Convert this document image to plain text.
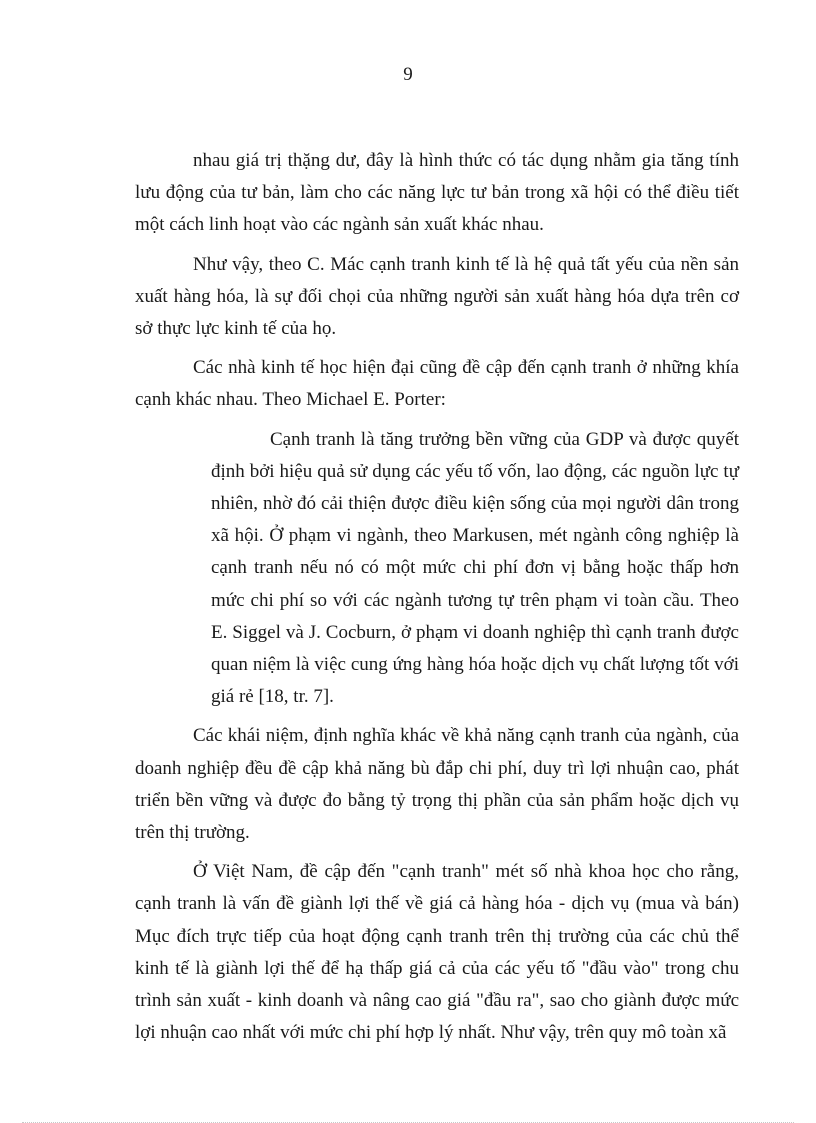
9

nhau giá trị thặng dư, đây là hình thức có tác dụng nhằm gia tăng tính lưu động của tư bản, làm cho các năng lực tư bản trong xã hội có thể điều tiết một cách linh hoạt vào các ngành sản xuất khác nhau.

Như vậy, theo C. Mác cạnh tranh kinh tế là hệ quả tất yếu của nền sản xuất hàng hóa, là sự đối chọi của những người sản xuất hàng hóa dựa trên cơ sở thực lực kinh tế của họ.

Các nhà kinh tế học hiện đại cũng đề cập đến cạnh tranh ở những khía cạnh khác nhau. Theo Michael E. Porter:

Cạnh tranh là tăng trưởng bền vững của GDP và được quyết định bởi hiệu quả sử dụng các yếu tố vốn, lao động, các nguồn lực tự nhiên, nhờ đó cải thiện được điều kiện sống của mọi người dân trong xã hội. Ở phạm vi ngành, theo Markusen, mét ngành công nghiệp là cạnh tranh nếu nó có một mức chi phí đơn vị bằng hoặc thấp hơn mức chi phí so với các ngành tương tự trên phạm vi toàn cầu. Theo E. Siggel và J. Cocburn, ở phạm vi doanh nghiệp thì cạnh tranh được quan niệm là việc cung ứng hàng hóa hoặc dịch vụ chất lượng tốt với giá rẻ [18, tr. 7].

Các khái niệm, định nghĩa khác về khả năng cạnh tranh của ngành, của doanh nghiệp đều đề cập khả năng bù đắp chi phí, duy trì lợi nhuận cao, phát triển bền vững và được đo bằng tỷ trọng thị phần của sản phẩm hoặc dịch vụ trên thị trường.

Ở Việt Nam, đề cập đến "cạnh tranh" mét số nhà khoa học cho rằng, cạnh tranh là vấn đề giành lợi thế về giá cả hàng hóa - dịch vụ (mua và bán) Mục đích trực tiếp của hoạt động cạnh tranh trên thị trường của các chủ thể kinh tế là giành lợi thế để hạ thấp giá cả của các yếu tố "đầu vào" trong chu trình sản xuất - kinh doanh và nâng cao giá "đầu ra", sao cho giành được mức lợi nhuận cao nhất với mức chi phí hợp lý nhất. Như vậy, trên quy mô toàn xã
